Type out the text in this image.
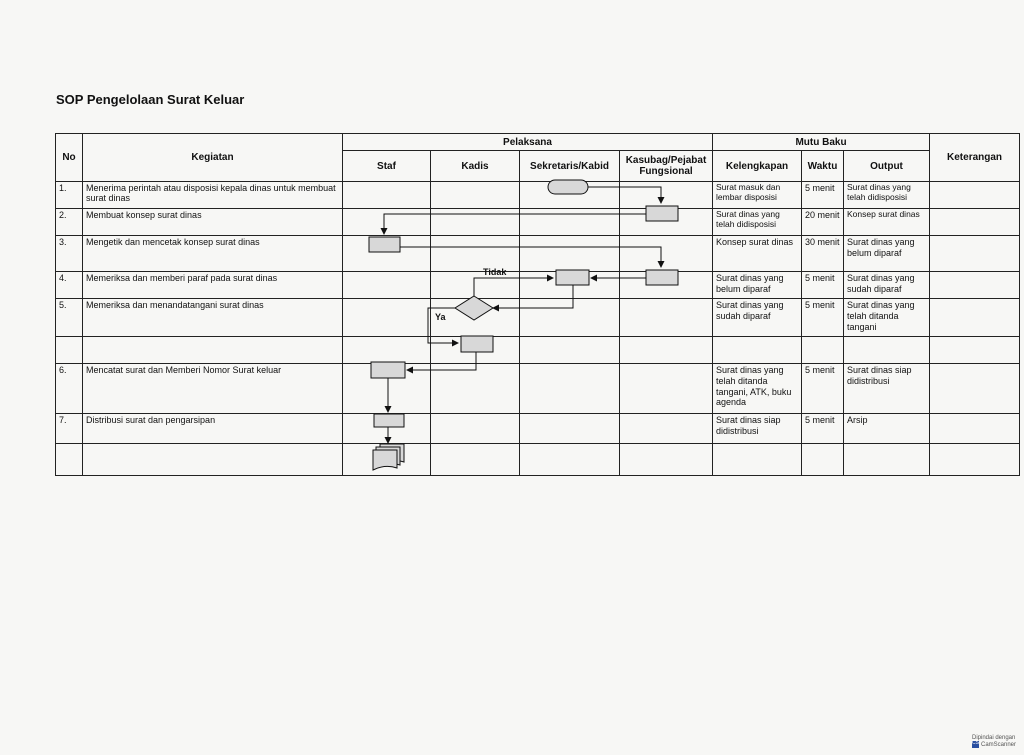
SOP Pengelolaan Surat Keluar
No	Kegiatan	Pelaksana				Mutu Baku			Keterangan
		Staf	Kadis	Sekretaris/Kabid	Kasubag/Pejabat Fungsional	Kelengkapan	Waktu	Output	
1.	Menerima perintah atau disposisi kepala dinas untuk membuat surat dinas					Surat masuk dan lembar disposisi	5 menit	Surat dinas yang telah didisposisi	
2.	Membuat konsep surat dinas					Surat dinas yang telah didisposisi	20 menit	Konsep surat dinas	
3.	Mengetik dan mencetak konsep surat dinas					Konsep surat dinas	30 menit	Surat dinas yang belum diparaf	
4.	Memeriksa dan memberi paraf pada surat dinas					Surat dinas yang belum diparaf	5 menit	Surat dinas yang sudah diparaf	
5.	Memeriksa dan menandatangani surat dinas					Surat dinas yang sudah diparaf	5 menit	Surat dinas yang telah ditanda tangani	

6.	Mencatat surat dan Memberi Nomor Surat keluar					Surat dinas yang telah ditanda tangani, ATK, buku agenda	5 menit	Surat dinas siap didistribusi	
7.	Distribusi surat dan pengarsipan					Surat dinas siap didistribusi	5 menit	Arsip	

Tidak
Ya
Dipindai dengan
CS CamScanner
